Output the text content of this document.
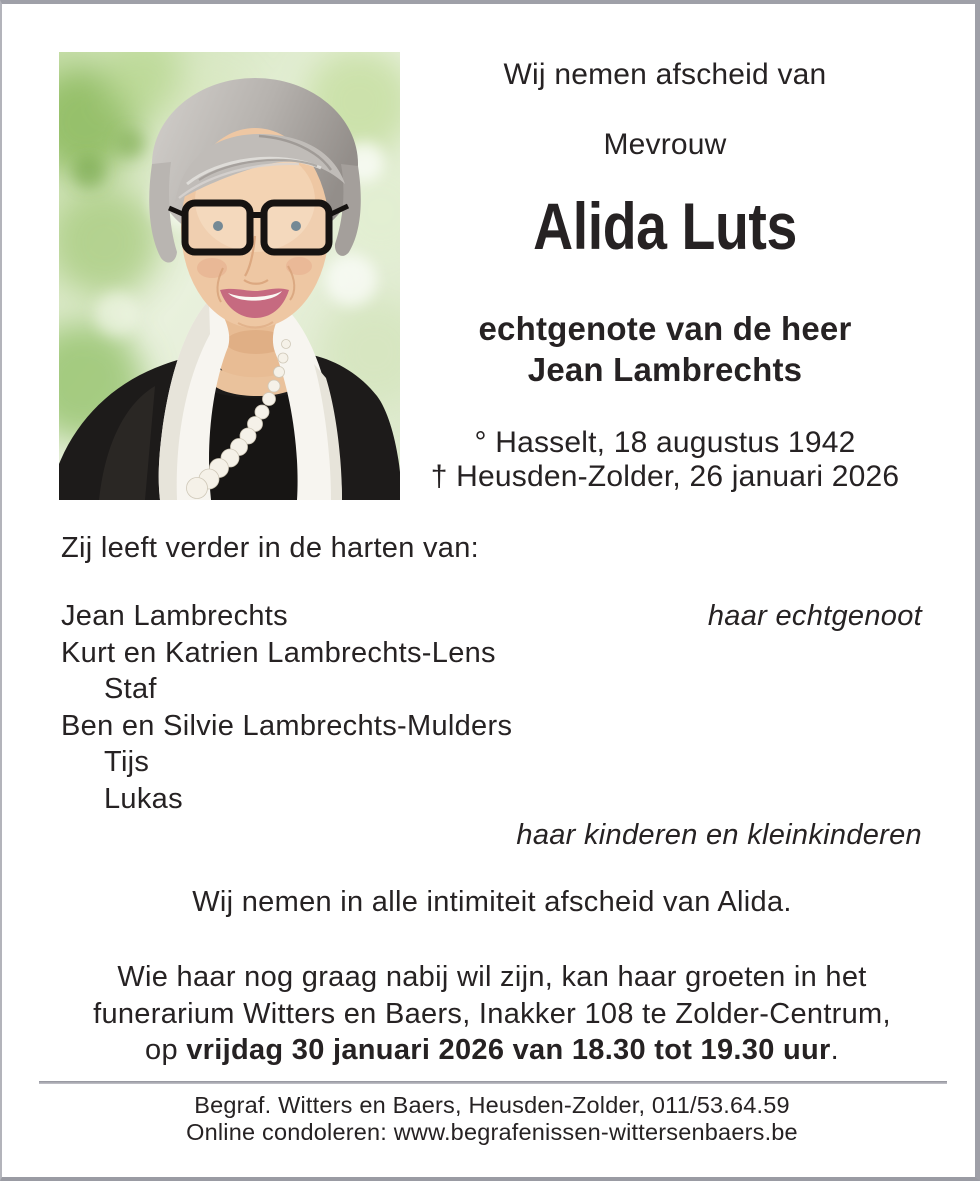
Wij nemen afscheid van
Mevrouw
Alida Luts
echtgenote van de heer
Jean Lambrechts
° Hasselt, 18 augustus 1942
† Heusden-Zolder, 26 januari 2026
Zij leeft verder in de harten van:
Jean Lambrechts	haar echtgenoot
Kurt en Katrien Lambrechts-Lens
Staf
Ben en Silvie Lambrechts-Mulders
Tijs
Lukas
haar kinderen en kleinkinderen
Wij nemen in alle intimiteit afscheid van Alida.
Wie haar nog graag nabij wil zijn, kan haar groeten in het
funerarium Witters en Baers, Inakker 108 te Zolder-Centrum,
op vrijdag 30 januari 2026 van 18.30 tot 19.30 uur.
Begraf. Witters en Baers, Heusden-Zolder, 011/53.64.59
Online condoleren: www.begrafenissen-wittersenbaers.be
